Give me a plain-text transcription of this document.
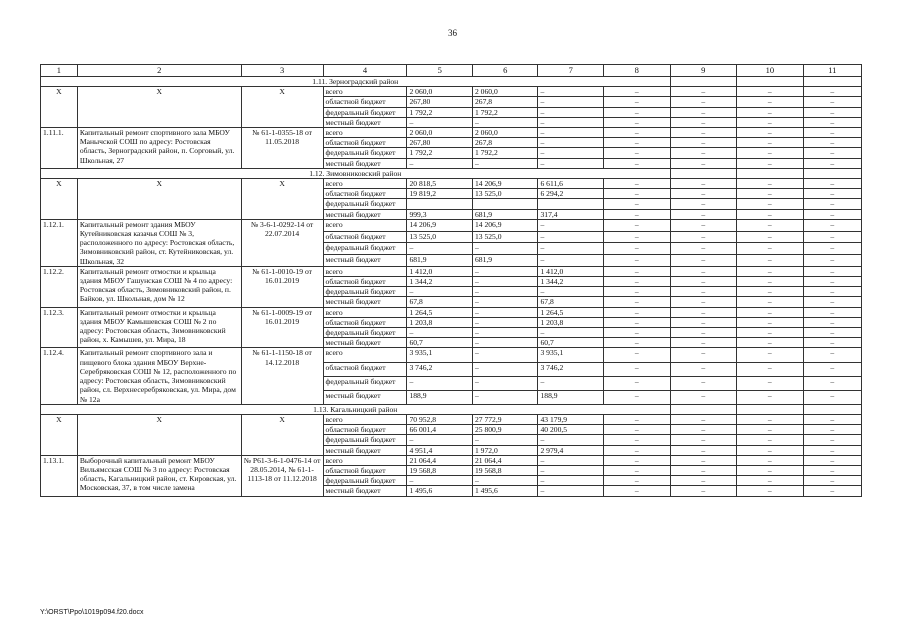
36
1	2	3	4	5	6	7	8	9	10	11
1.11. Зерноградский район										
Х	Х	Х	всего	2 060,0	2 060,0	–	–	–	–	–
			областной бюджет	267,80	267,8	–	–	–	–	–
			федеральный бюджет	1 792,2	1 792,2	–	–	–	–	–
			местный бюджет	–	–	–	–	–	–	–
1.11.1.	Капитальный ремонт спортивного зала МБОУ Манычской СОШ по адресу: Ростовская область, Зерноградский район, п. Сорговый, ул. Школьная, 27	№ 61-1-0355-18 от 11.05.2018	всего	2 060,0	2 060,0	–	–	–	–	–
			областной бюджет	267,80	267,8	–	–	–	–	–
			федеральный бюджет	1 792,2	1 792,2	–	–	–	–	–
			местный бюджет	–	–	–	–	–	–	–
1.12. Зимовниковский район										
Х	Х	Х	всего	20 818,5	14 206,9	6 611,6	–	–	–	–
			областной бюджет	19 819,2	13 525,0	6 294,2	–	–	–	–
			федеральный бюджет				–	–	–	–
			местный бюджет	999,3	681,9	317,4	–	–	–	–
1.12.1.	Капитальный ремонт здания МБОУ Кутейниковская казачья СОШ № 3, расположенного по адресу: Ростовская область, Зимовниковский район, ст. Кутейниковская, ул. Школьная, 32	№ 3-6-1-0292-14 от 22.07.2014	всего	14 206,9	14 206,9	–	–	–	–	–
			областной бюджет	13 525,0	13 525,0	–	–	–	–	–
			федеральный бюджет	–	–	–	–	–	–	–
			местный бюджет	681,9	681,9	–	–	–	–	–
1.12.2.	Капитальный ремонт отмостки и крыльца здания МБОУ Гашунская СОШ № 4 по адресу: Ростовская область, Зимовниковский район, п. Байков, ул. Школьная, дом № 12	№ 61-1-0010-19 от 16.01.2019	всего	1 412,0	–	1 412,0	–	–	–	–
			областной бюджет	1 344,2	–	1 344,2	–	–	–	–
			федеральный бюджет	–	–	–	–	–	–	–
			местный бюджет	67,8	–	67,8	–	–	–	–
1.12.3.	Капитальный ремонт отмостки и крыльца здания МБОУ Камышевская СОШ № 2 по адресу: Ростовская область, Зимовниковский район, х. Камышев, ул. Мира, 18	№ 61-1-0009-19 от 16.01.2019	всего	1 264,5	–	1 264,5	–	–	–	–
			областной бюджет	1 203,8	–	1 203,8	–	–	–	–
			федеральный бюджет	–	–	–	–	–	–	–
			местный бюджет	60,7	–	60,7	–	–	–	–
1.12.4.	Капитальный ремонт спортивного зала и пищевого блока здания МБОУ Верхне-Серебряковская СОШ № 12, расположенного по адресу: Ростовская область, Зимовниковский район, сл. Верхнесеребряковская, ул. Мира, дом № 12а	№ 61-1-1150-18 от 14.12.2018	всего	3 935,1	–	3 935,1	–	–	–	–
			областной бюджет	3 746,2	–	3 746,2	–	–	–	–
			федеральный бюджет	–	–	–	–	–	–	–
			местный бюджет	188,9	–	188,9	–	–	–	–
1.13. Кагальницкий район										
Х	Х	Х	всего	70 952,8	27 772,9	43 179,9	–	–	–	–
			областной бюджет	66 001,4	25 800,9	40 200,5	–	–	–	–
			федеральный бюджет	–	–	–	–	–	–	–
			местный бюджет	4 951,4	1 972,0	2 979,4	–	–	–	–
1.13.1.	Выборочный капитальный ремонт МБОУ Вильямсская СОШ № 3 по адресу: Ростовская область, Кагальницкий район, ст. Кировская, ул. Московская, 37, в том числе замена	№ Р61-3-6-1-0476-14 от 28.05.2014, № 61-1-1113-18 от 11.12.2018	всего	21 064,4	21 064,4	–	–	–	–	–
			областной бюджет	19 568,8	19 568,8	–	–	–	–	–
			федеральный бюджет	–	–	–	–	–	–	–
			местный бюджет	1 495,6	1 495,6	–	–	–	–	–
Y:\ORST\Ppo\1019p094.f20.docx
